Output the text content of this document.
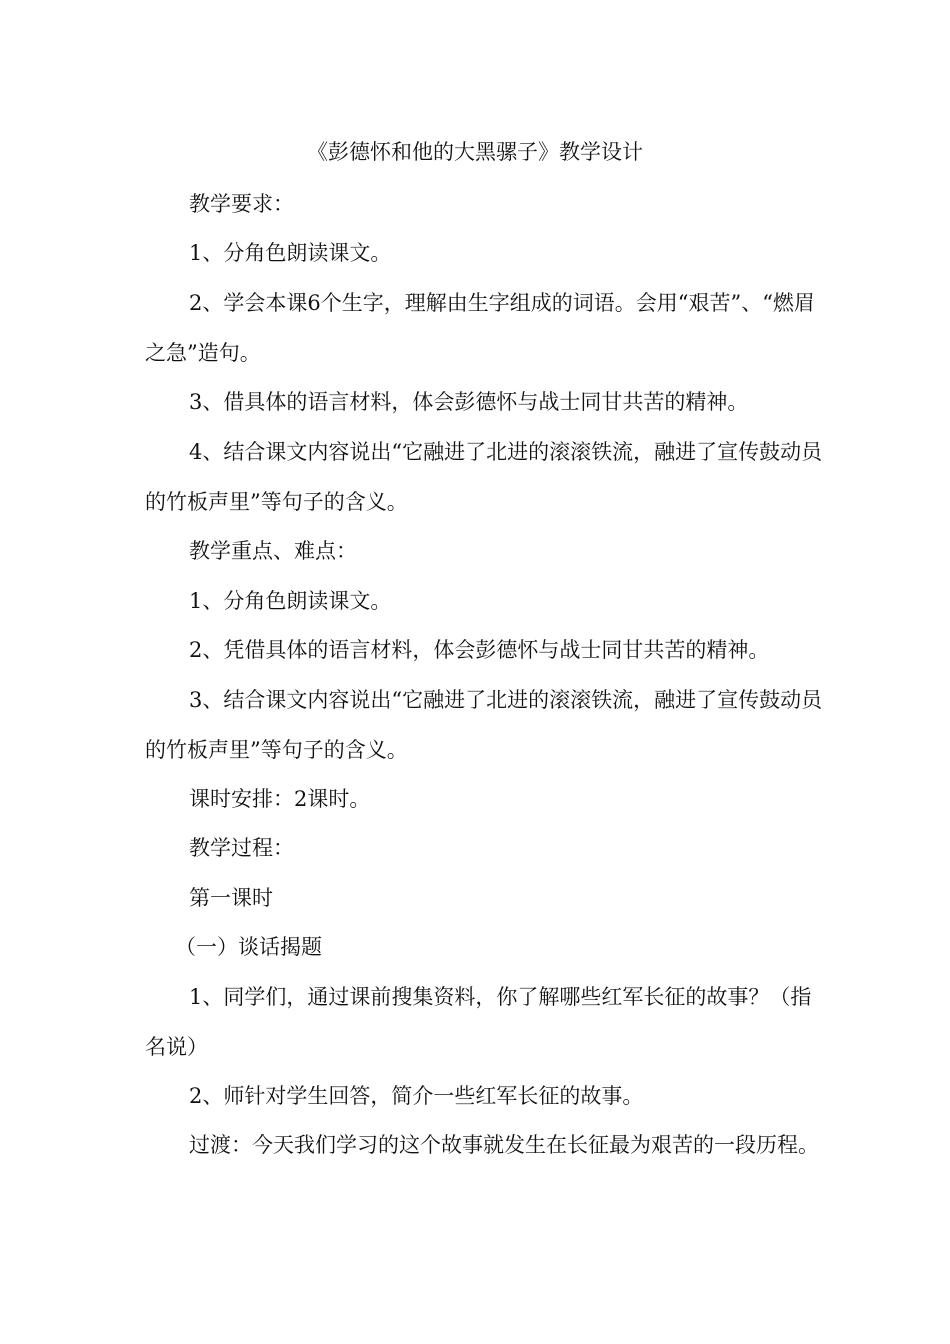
《彭德怀和他的大黑骡子》教学设计

教学要求：

1、分角色朗读课文。

2、学会本课6个生字，理解由生字组成的词语。会用“艰苦”、“燃眉之急”造句。

3、借具体的语言材料，体会彭德怀与战士同甘共苦的精神。

4、结合课文内容说出“它融进了北进的滚滚铁流，融进了宣传鼓动员的竹板声里”等句子的含义。

教学重点、难点：

1、分角色朗读课文。

2、凭借具体的语言材料，体会彭德怀与战士同甘共苦的精神。

3、结合课文内容说出“它融进了北进的滚滚铁流，融进了宣传鼓动员的竹板声里”等句子的含义。

课时安排：2课时。

教学过程：

第一课时

（一）谈话揭题

1、同学们，通过课前搜集资料，你了解哪些红军长征的故事？（指名说）

2、师针对学生回答，简介一些红军长征的故事。

过渡：今天我们学习的这个故事就发生在长征最为艰苦的一段历程。
